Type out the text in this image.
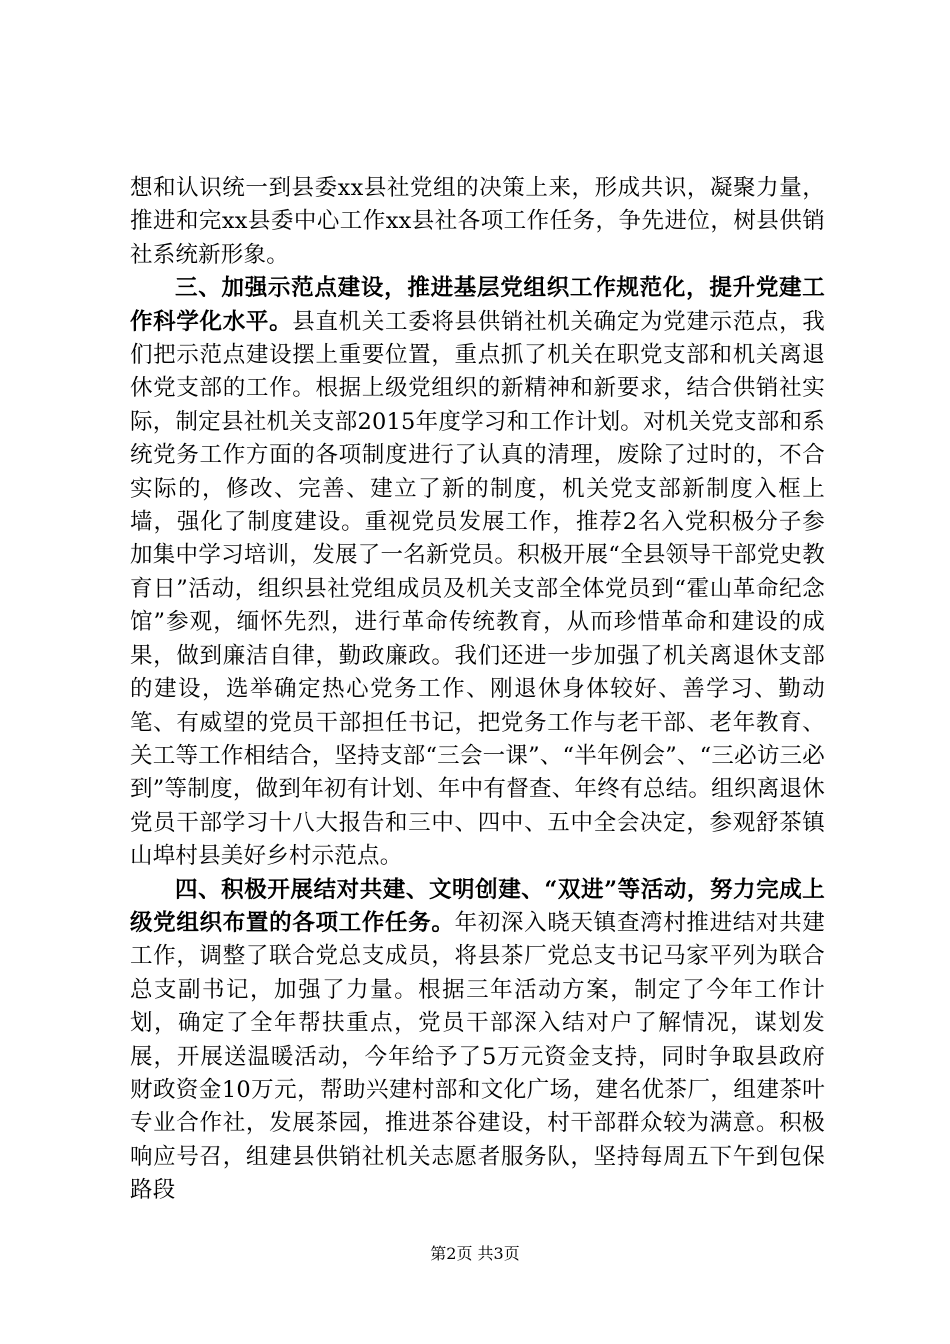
想和认识统一到县委xx县社党组的决策上来，形成共识，凝聚力量，推进和完xx县委中心工作xx县社各项工作任务，争先进位，树县供销社系统新形象。

三、加强示范点建设，推进基层党组织工作规范化，提升党建工作科学化水平。县直机关工委将县供销社机关确定为党建示范点，我们把示范点建设摆上重要位置，重点抓了机关在职党支部和机关离退休党支部的工作。根据上级党组织的新精神和新要求，结合供销社实际，制定县社机关支部2015年度学习和工作计划。对机关党支部和系统党务工作方面的各项制度进行了认真的清理，废除了过时的，不合实际的，修改、完善、建立了新的制度，机关党支部新制度入框上墙，强化了制度建设。重视党员发展工作，推荐2名入党积极分子参加集中学习培训，发展了一名新党员。积极开展“全县领导干部党史教育日”活动，组织县社党组成员及机关支部全体党员到“霍山革命纪念馆”参观，缅怀先烈，进行革命传统教育，从而珍惜革命和建设的成果，做到廉洁自律，勤政廉政。我们还进一步加强了机关离退休支部的建设，选举确定热心党务工作、刚退休身体较好、善学习、勤动笔、有威望的党员干部担任书记，把党务工作与老干部、老年教育、关工等工作相结合，坚持支部“三会一课”、“半年例会”、“三必访三必到”等制度，做到年初有计划、年中有督查、年终有总结。组织离退休党员干部学习十八大报告和三中、四中、五中全会决定，参观舒茶镇山埠村县美好乡村示范点。

四、积极开展结对共建、文明创建、“双进”等活动，努力完成上级党组织布置的各项工作任务。年初深入晓天镇查湾村推进结对共建工作，调整了联合党总支成员，将县茶厂党总支书记马家平列为联合总支副书记，加强了力量。根据三年活动方案，制定了今年工作计划，确定了全年帮扶重点，党员干部深入结对户了解情况，谋划发展，开展送温暖活动，今年给予了5万元资金支持，同时争取县政府财政资金10万元，帮助兴建村部和文化广场，建名优茶厂，组建茶叶专业合作社，发展茶园，推进茶谷建设，村干部群众较为满意。积极响应号召，组建县供销社机关志愿者服务队，坚持每周五下午到包保路段

第2页 共3页
